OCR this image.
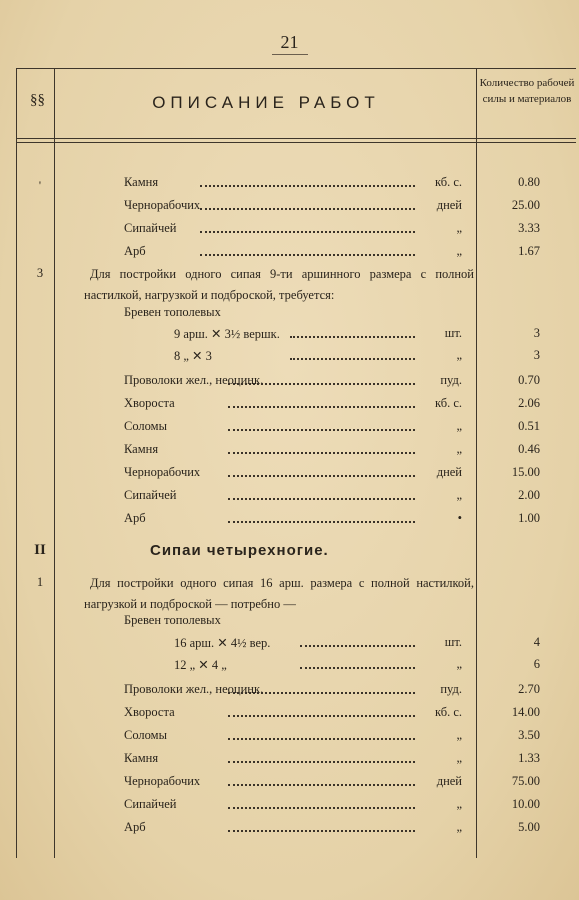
21
§§	ОПИСАНИЕ РАБОТ
Количество рабочей силы и материалов
'	Камня	кб. с.	0.80
Чернорабочих	дней	25.00
Сипайчей	„	3.33
Арб	„	1.67
3	Для постройки одного сипая 9-ти аршинного размера с полной настилкой, нагрузкой и подброской, требуется:
Бревен тополевых
9 арш. ✕ 3½ вершк.	шт.	3
8 „ ✕ 3	„	3
Проволоки жел., неоцинк.	пуд.	0.70
Хвороста	кб. с.	2.06
Соломы	„	0.51
Камня	„	0.46
Чернорабочих	дней	15.00
Сипайчей	„	2.00
Арб	•	1.00
II	Сипаи четырехногие.
1	Для постройки одного сипая 16 арш. размера с полной настилкой, нагрузкой и подброской — потребно —
Бревен тополевых
16 арш. ✕ 4½ вер.	шт.	4
12 „ ✕ 4 „	„	6
Проволоки жел., неоцинк.	пуд.	2.70
Хвороста	кб. с.	14.00
Соломы	„	3.50
Камня	„	1.33
Чернорабочих	дней	75.00
Сипайчей	„	10.00
Арб	„	5.00
